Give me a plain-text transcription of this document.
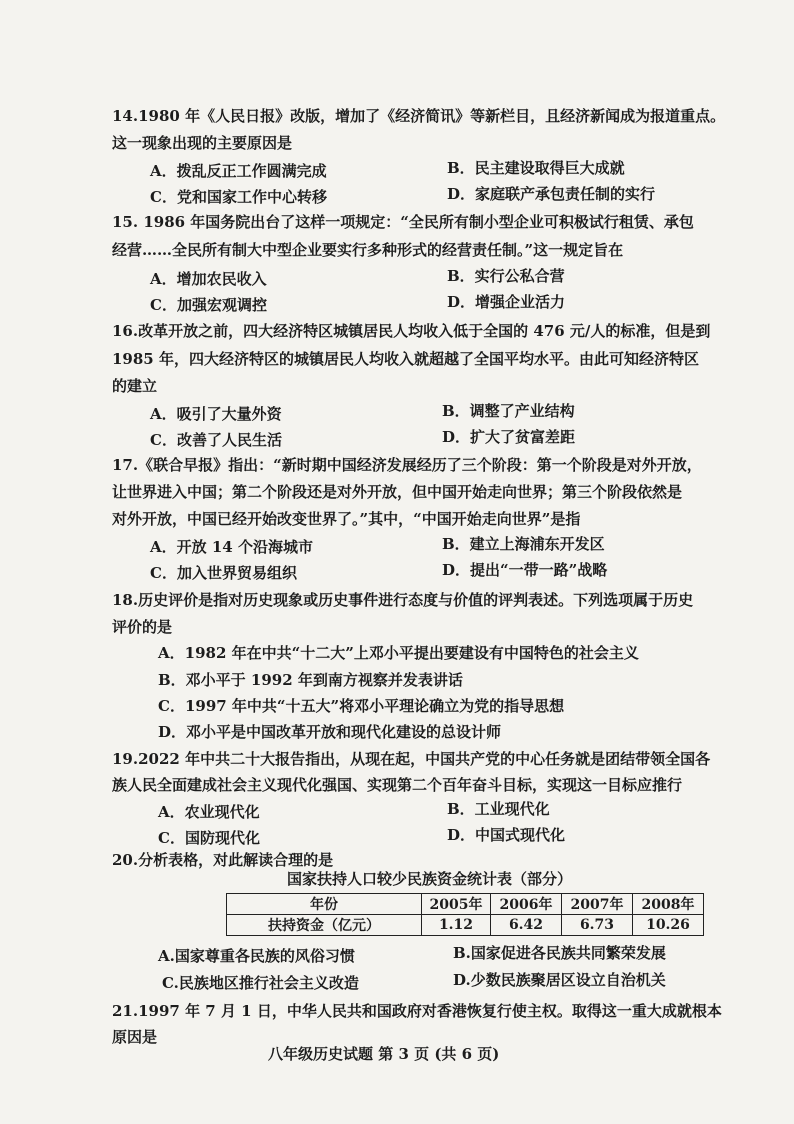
14.1980 年《人民日报》改版，增加了《经济简讯》等新栏目，且经济新闻成为报道重点。
这一现象出现的主要原因是
A．拨乱反正工作圆满完成	B．民主建设取得巨大成就
C．党和国家工作中心转移	D．家庭联产承包责任制的实行
15. 1986 年国务院出台了这样一项规定：“全民所有制小型企业可积极试行租赁、承包
经营……全民所有制大中型企业要实行多种形式的经营责任制。”这一规定旨在
A．增加农民收入	B．实行公私合营
C．加强宏观调控	D．增强企业活力
16.改革开放之前，四大经济特区城镇居民人均收入低于全国的 476 元/人的标准，但是到
1985 年，四大经济特区的城镇居民人均收入就超越了全国平均水平。由此可知经济特区
的建立
A．吸引了大量外资	B．调整了产业结构
C．改善了人民生活	D．扩大了贫富差距
17.《联合早报》指出：“新时期中国经济发展经历了三个阶段：第一个阶段是对外开放，
让世界进入中国；第二个阶段还是对外开放，但中国开始走向世界；第三个阶段依然是
对外开放，中国已经开始改变世界了。”其中，“中国开始走向世界”是指
A．开放 14 个沿海城市	B．建立上海浦东开发区
C．加入世界贸易组织	D．提出“一带一路”战略
18.历史评价是指对历史现象或历史事件进行态度与价值的评判表述。下列选项属于历史
评价的是
A．1982 年在中共“十二大”上邓小平提出要建设有中国特色的社会主义
B．邓小平于 1992 年到南方视察并发表讲话
C．1997 年中共“十五大”将邓小平理论确立为党的指导思想
D．邓小平是中国改革开放和现代化建设的总设计师
19.2022 年中共二十大报告指出，从现在起，中国共产党的中心任务就是团结带领全国各
族人民全面建成社会主义现代化强国、实现第二个百年奋斗目标，实现这一目标应推行
A．农业现代化	B．工业现代化
C．国防现代化	D．中国式现代化
20.分析表格，对此解读合理的是
国家扶持人口较少民族资金统计表（部分）
年份	2005年	2006年	2007年	2008年
扶持资金（亿元）	1.12	6.42	6.73	10.26
A.国家尊重各民族的风俗习惯	B.国家促进各民族共同繁荣发展
C.民族地区推行社会主义改造	D.少数民族聚居区设立自治机关
21.1997 年 7 月 1 日，中华人民共和国政府对香港恢复行使主权。取得这一重大成就根本
原因是
八年级历史试题 第 3 页 (共 6 页)
